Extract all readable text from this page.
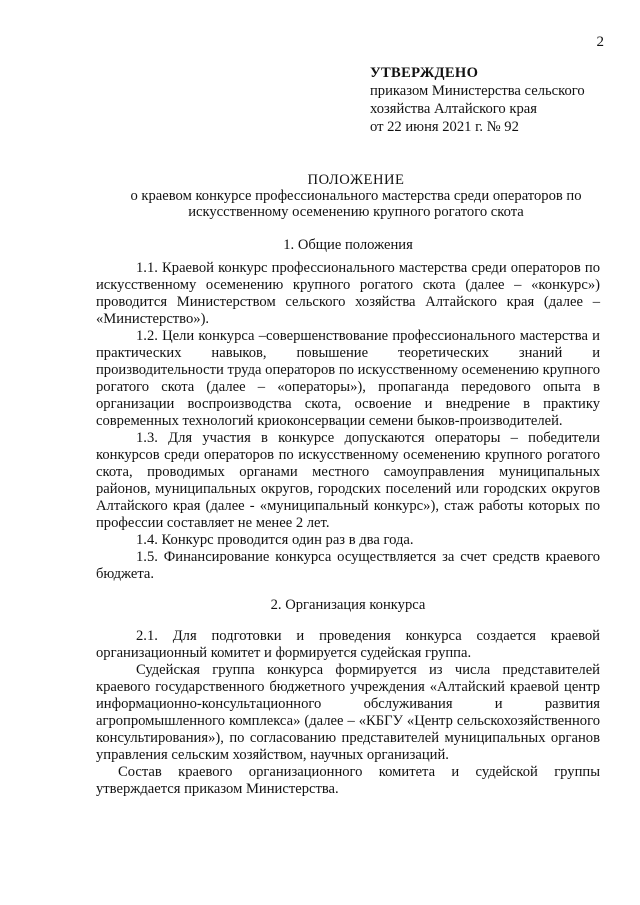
2
УТВЕРЖДЕНО
приказом Министерства сельского
хозяйства Алтайского края
от 22 июня 2021 г. № 92
ПОЛОЖЕНИЕ
о краевом конкурсе профессионального мастерства среди операторов по
искусственному осеменению крупного рогатого скота

1. Общие положения

1.1. Краевой конкурс профессионального мастерства среди операторов по искусственному осеменению крупного рогатого скота (далее – «конкурс») проводится Министерством сельского хозяйства Алтайского края (далее – «Министерство»).

1.2. Цели конкурса –совершенствование профессионального мастерства и практических навыков, повышение теоретических знаний и производительности труда операторов по искусственному осеменению крупного рогатого скота (далее – «операторы»), пропаганда передового опыта в организации воспроизводства скота, освоение и внедрение в практику современных технологий криоконсервации семени быков-производителей.

1.3. Для участия в конкурсе допускаются операторы – победители конкурсов среди операторов по искусственному осеменению крупного рогатого скота, проводимых органами местного самоуправления муниципальных районов, муниципальных округов, городских поселений или городских округов Алтайского края (далее - «муниципальный конкурс»), стаж работы которых по профессии составляет не менее 2 лет.

1.4. Конкурс проводится один раз в два года.

1.5. Финансирование конкурса осуществляется за счет средств краевого бюджета.

2. Организация конкурса

2.1. Для подготовки и проведения конкурса создается краевой организационный комитет и формируется судейская группа.

Судейская группа конкурса формируется из числа представителей краевого государственного бюджетного учреждения «Алтайский краевой центр информационно-консультационного обслуживания и развития агропромышленного комплекса» (далее – «КБГУ «Центр сельскохозяйственного консультирования»), по согласованию представителей муниципальных органов управления сельским хозяйством, научных организаций.

Состав краевого организационного комитета и судейской группы утверждается приказом Министерства.
